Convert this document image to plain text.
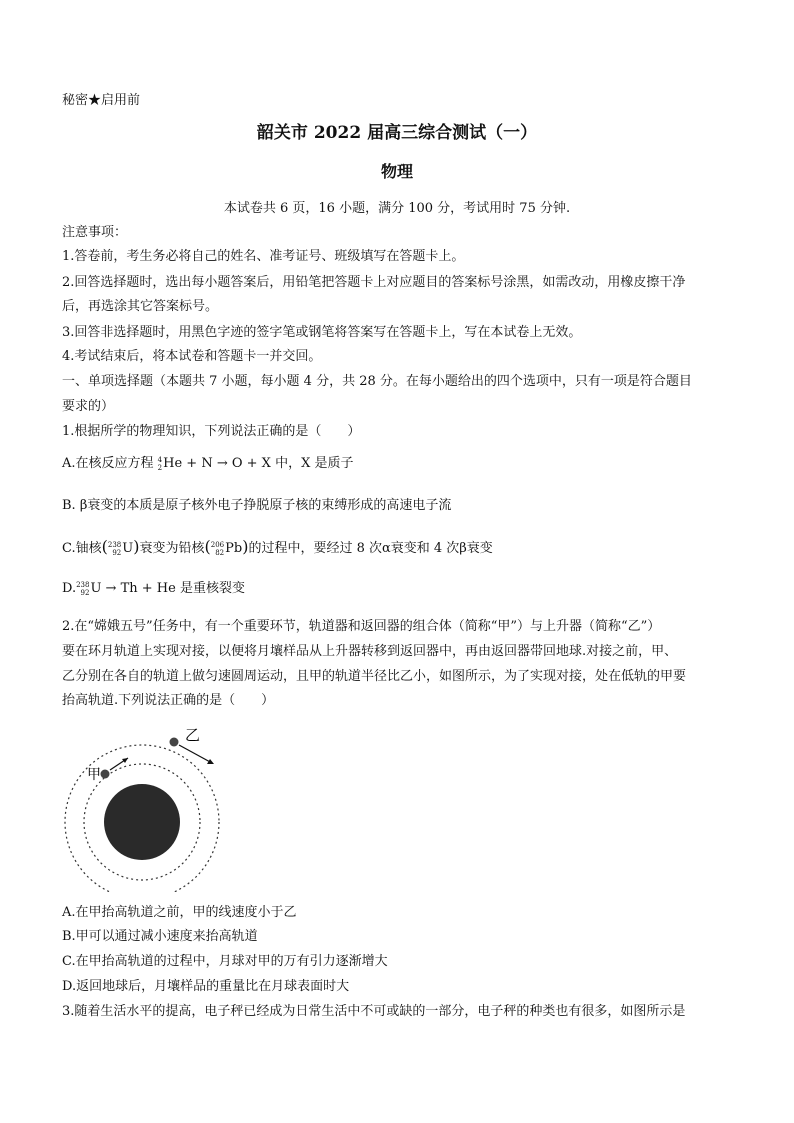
秘密★启用前
韶关市 2022 届高三综合测试（一）
物理
本试卷共 6 页，16 小题，满分 100 分，考试用时 75 分钟.
注意事项：
1.答卷前，考生务必将自己的姓名、准考证号、班级填写在答题卡上。
2.回答选择题时，选出每小题答案后，用铅笔把答题卡上对应题目的答案标号涂黑，如需改动，用橡皮擦干净
后，再选涂其它答案标号。
3.回答非选择题时，用黑色字迹的签字笔或钢笔将答案写在答题卡上，写在本试卷上无效。
4.考试结束后，将本试卷和答题卡一并交回。
一、单项选择题（本题共 7 小题，每小题 4 分，共 28 分。在每小题给出的四个选项中，只有一项是符合题目
要求的）
1.根据所学的物理知识，下列说法正确的是（　　）
A.在核反应方程 4
2 He + N → O + X 中，X 是质子
B. β衰变的本质是原子核外电子挣脱原子核的束缚形成的高速电子流
C.铀核( 238
92 U)衰变为铅核( 206
82 Pb)的过程中，要经过 8 次α衰变和 4 次β衰变
D. 238
92 U → Th + He 是重核裂变
2.在“嫦娥五号”任务中，有一个重要环节，轨道器和返回器的组合体（简称“甲”）与上升器（简称“乙”）
要在环月轨道上实现对接，以便将月壤样品从上升器转移到返回器中，再由返回器带回地球.对接之前，甲、
乙分别在各自的轨道上做匀速圆周运动，且甲的轨道半径比乙小，如图所示，为了实现对接，处在低轨的甲要
抬高轨道.下列说法正确的是（　　）
甲
乙
A.在甲抬高轨道之前，甲的线速度小于乙
B.甲可以通过减小速度来抬高轨道
C.在甲抬高轨道的过程中，月球对甲的万有引力逐渐增大
D.返回地球后，月壤样品的重量比在月球表面时大
3.随着生活水平的提高，电子秤已经成为日常生活中不可或缺的一部分，电子秤的种类也有很多，如图所示是
